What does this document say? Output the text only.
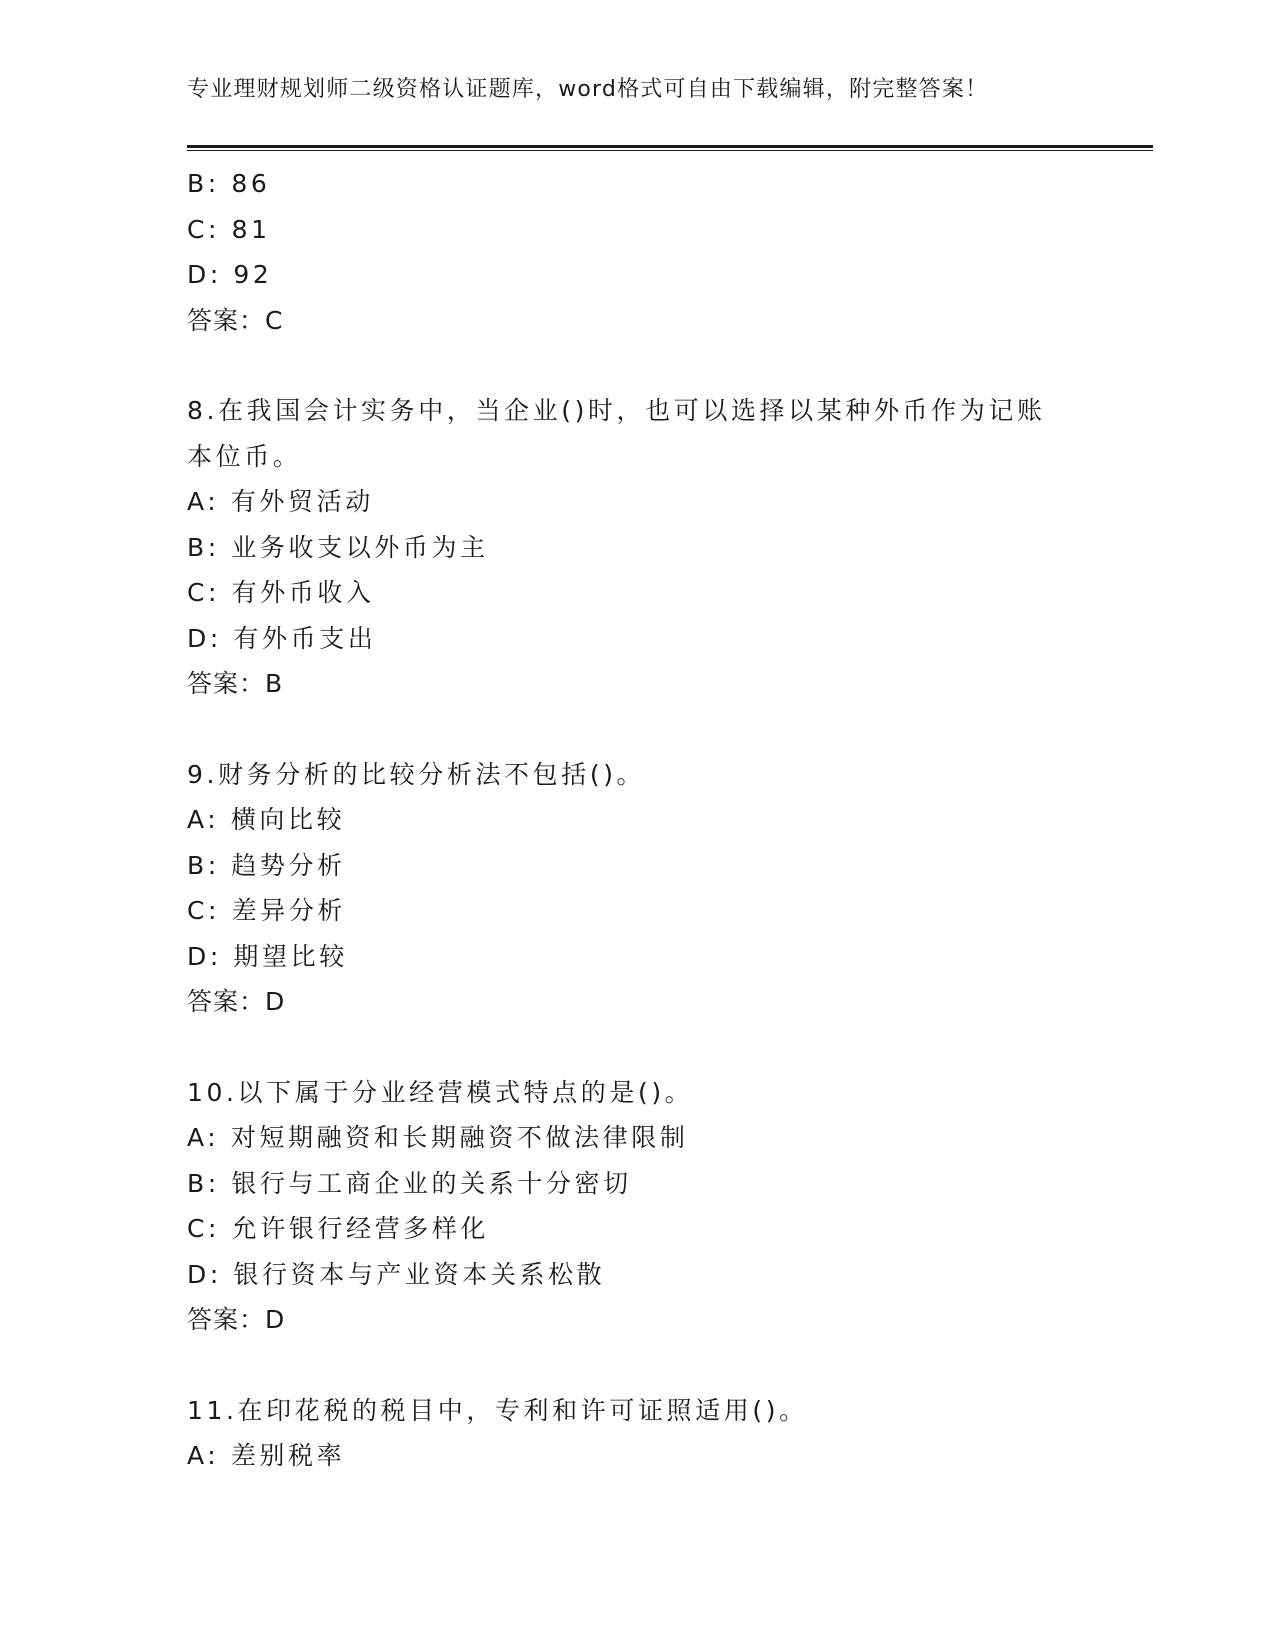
专业理财规划师二级资格认证题库，word格式可自由下载编辑，附完整答案！
B: 86
C: 81
D: 92
答案：C
8.在我国会计实务中，当企业()时，也可以选择以某种外币作为记账
本位币。
A: 有外贸活动
B: 业务收支以外币为主
C: 有外币收入
D: 有外币支出
答案：B
9.财务分析的比较分析法不包括()。
A: 横向比较
B: 趋势分析
C: 差异分析
D: 期望比较
答案：D
10.以下属于分业经营模式特点的是()。
A: 对短期融资和长期融资不做法律限制
B: 银行与工商企业的关系十分密切
C: 允许银行经营多样化
D: 银行资本与产业资本关系松散
答案：D
11.在印花税的税目中，专利和许可证照适用()。
A: 差别税率
